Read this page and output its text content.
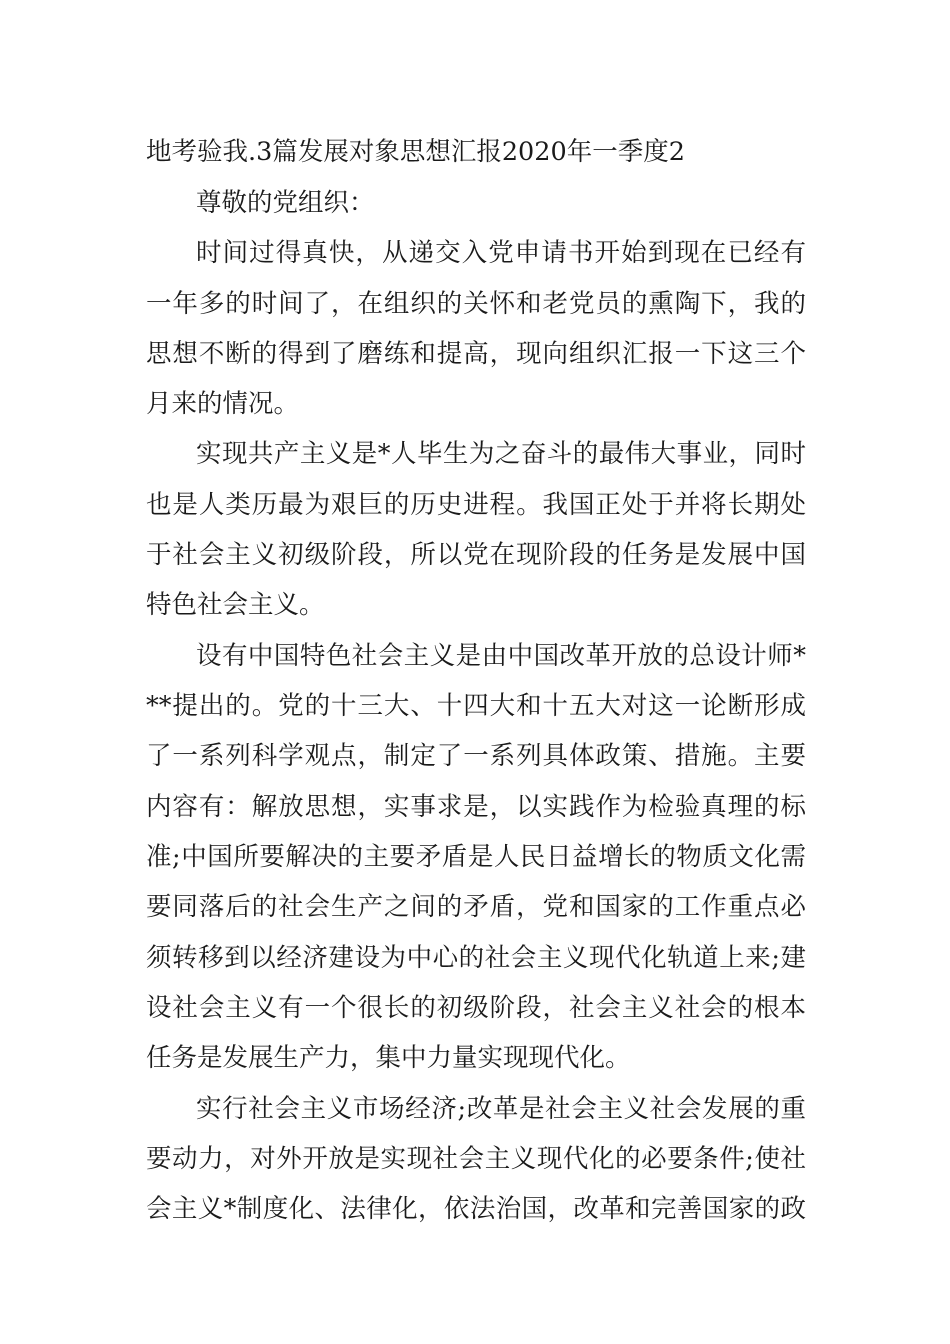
地考验我.3篇发展对象思想汇报2020年一季度2
尊敬的党组织：
时间过得真快，从递交入党申请书开始到现在已经有
一年多的时间了，在组织的关怀和老党员的熏陶下，我的
思想不断的得到了磨练和提高，现向组织汇报一下这三个
月来的情况。
实现共产主义是*人毕生为之奋斗的最伟大事业，同时
也是人类历最为艰巨的历史进程。我国正处于并将长期处
于社会主义初级阶段，所以党在现阶段的任务是发展中国
特色社会主义。
设有中国特色社会主义是由中国改革开放的总设计师*
**提出的。党的十三大、十四大和十五大对这一论断形成
了一系列科学观点，制定了一系列具体政策、措施。主要
内容有：解放思想，实事求是，以实践作为检验真理的标
准;中国所要解决的主要矛盾是人民日益增长的物质文化需
要同落后的社会生产之间的矛盾，党和国家的工作重点必
须转移到以经济建设为中心的社会主义现代化轨道上来;建
设社会主义有一个很长的初级阶段，社会主义社会的根本
任务是发展生产力，集中力量实现现代化。
实行社会主义市场经济;改革是社会主义社会发展的重
要动力，对外开放是实现社会主义现代化的必要条件;使社
会主义*制度化、法律化，依法治国，改革和完善国家的政
